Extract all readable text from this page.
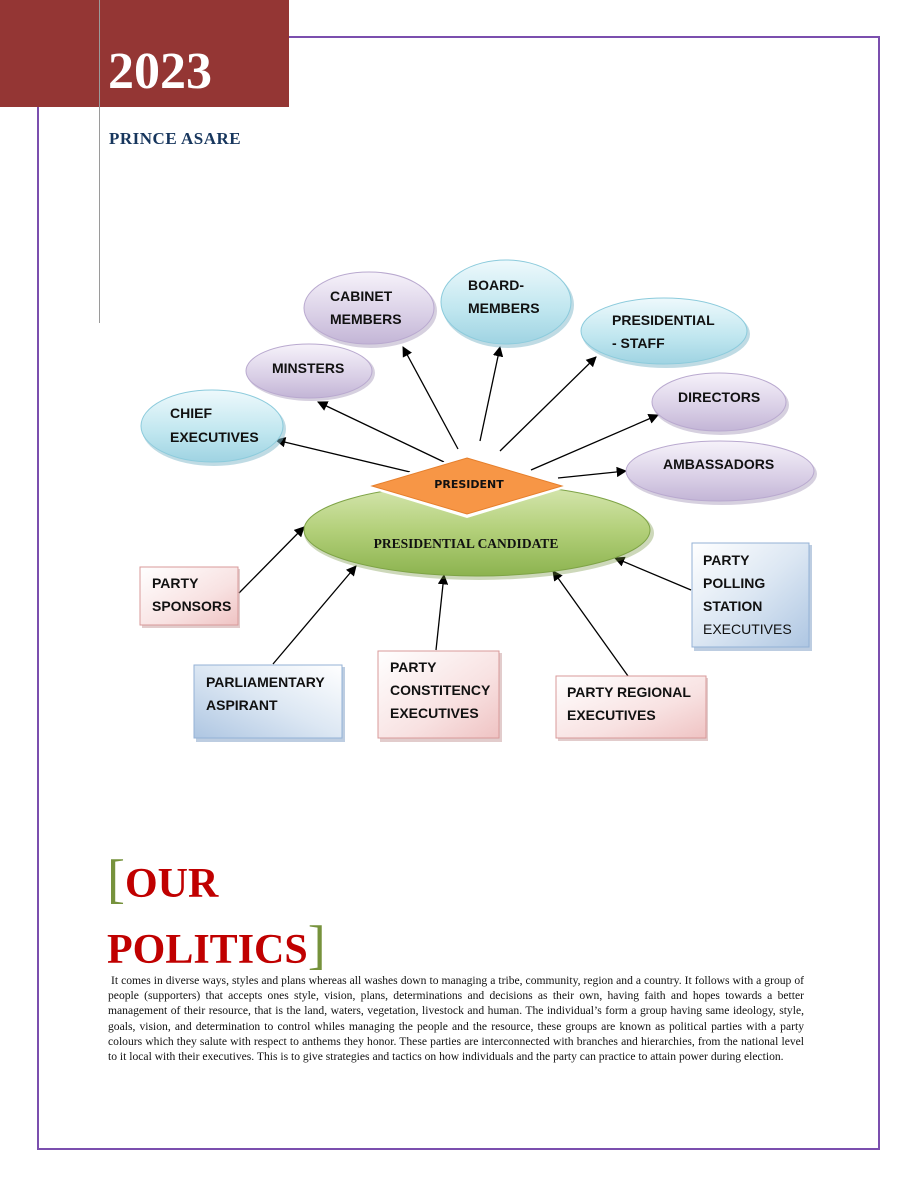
2023
PRINCE ASARE
PRESIDENTIAL CANDIDATE
PRESIDENT
CHIEF EXECUTIVES
MINSTERS
CABINET MEMBERS
BOARD- MEMBERS
PRESIDENTIAL - STAFF
DIRECTORS
AMBASSADORS
PARTY SPONSORS
PARLIAMENTARY ASPIRANT
PARTY CONSTITENCY EXECUTIVES
PARTY REGIONAL EXECUTIVES
PARTY POLLING STATION EXECUTIVES
[OUR
POLITICS]
It comes in diverse ways, styles and plans whereas all washes down to managing a tribe, community, region and a country. It follows with a group of people (supporters) that accepts ones style, vision, plans, determinations and decisions as their own, having faith and hopes towards a better management of their resource, that is the land, waters, vegetation, livestock and human. The individual’s form a group having same ideology, style, goals, vision, and determination to control whiles managing the people and the resource, these groups are known as political parties with a party colours which they salute with respect to anthems they honor. These parties are interconnected with branches and hierarchies, from the national level to it local with their executives. This is to give strategies and tactics on how individuals and the party can practice to attain power during election.
